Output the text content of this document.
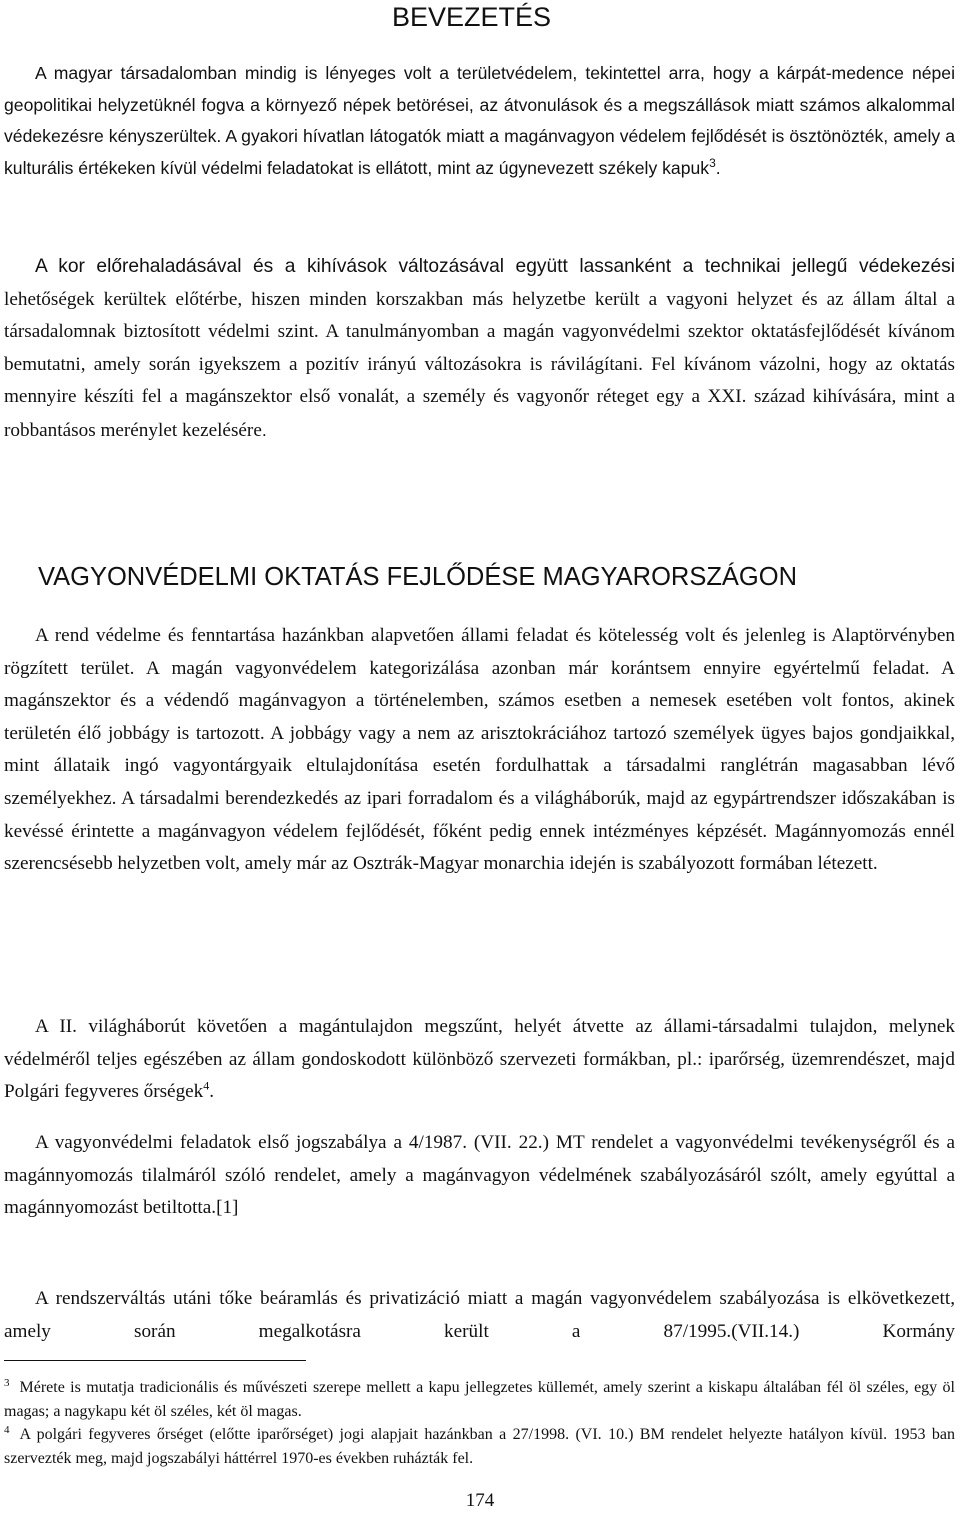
BEVEZETÉS

A magyar társadalomban mindig is lényeges volt a területvédelem, tekintettel arra, hogy a kárpát-medence népei geopolitikai helyzetüknél fogva a környező népek betörései, az átvonulások és a megszállások miatt számos alkalommal védekezésre kényszerültek. A gyakori hívatlan látogatók miatt a magánvagyon védelem fejlődését is ösztönözték, amely a kulturális értékeken kívül védelmi feladatokat is ellátott, mint az úgynevezett székely kapuk$^3$.

A kor előrehaladásával és a kihívások változásával együtt lassanként a technikai jellegű védekezési lehetőségek kerültek előtérbe, hiszen minden korszakban más helyzetbe került a vagyoni helyzet és az állam által a társadalomnak biztosított védelmi szint. A tanulmányomban a magán vagyonvédelmi szektor oktatásfejlődését kívánom bemutatni, amely során igyekszem a pozitív irányú változásokra is rávilágítani. Fel kívánom vázolni, hogy az oktatás mennyire készíti fel a magánszektor első vonalát, a személy és vagyonőr réteget egy a XXI. század kihívására, mint a robbantásos merénylet kezelésére.

VAGYONVÉDELMI OKTATÁS FEJLŐDÉSE MAGYARORSZÁGON

A rend védelme és fenntartása hazánkban alapvetően állami feladat és kötelesség volt és jelenleg is Alaptörvényben rögzített terület. A magán vagyonvédelem kategorizálása azonban már korántsem ennyire egyértelmű feladat. A magánszektor és a védendő magánvagyon a történelemben, számos esetben a nemesek esetében volt fontos, akinek területén élő jobbágy is tartozott. A jobbágy vagy a nem az arisztokráciához tartozó személyek ügyes bajos gondjaikkal, mint állataik ingó vagyontárgyaik eltulajdonítása esetén fordulhattak a társadalmi ranglétrán magasabban lévő személyekhez. A társadalmi berendezkedés az ipari forradalom és a világháborúk, majd az egypártrendszer időszakában is kevéssé érintette a magánvagyon védelem fejlődését, főként pedig ennek intézményes képzését. Magánnyomozás ennél szerencsésebb helyzetben volt, amely már az Osztrák-Magyar monarchia idején is szabályozott formában létezett.

A II. világháborút követően a magántulajdon megszűnt, helyét átvette az állami-társadalmi tulajdon, melynek védelméről teljes egészében az állam gondoskodott különböző szervezeti formákban, pl.: iparőrség, üzemrendészet, majd Polgári fegyveres őrségek$^4$.

A vagyonvédelmi feladatok első jogszabálya a 4/1987. (VII. 22.) MT rendelet a vagyonvédelmi tevékenységről és a magánnyomozás tilalmáról szóló rendelet, amely a magánvagyon védelmének szabályozásáról szólt, amely egyúttal a magánnyomozást betiltotta.[1]

A rendszerváltás utáni tőke beáramlás és privatizáció miatt a magán vagyonvédelem szabályozása is elkövetkezett, amely során megalkotásra került a 87/1995.(VII.14.) Kormány

$^3$ Mérete is mutatja tradicionális és művészeti szerepe mellett a kapu jellegzetes küllemét, amely szerint a kiskapu általában fél öl széles, egy öl magas; a nagykapu két öl széles, két öl magas.

$^4$ A polgári fegyveres őrséget (előtte iparőrséget) jogi alapjait hazánkban a 27/1998. (VI. 10.) BM rendelet helyezte hatályon kívül. 1953 ban szervezték meg, majd jogszabályi háttérrel 1970-es években ruházták fel.

174
